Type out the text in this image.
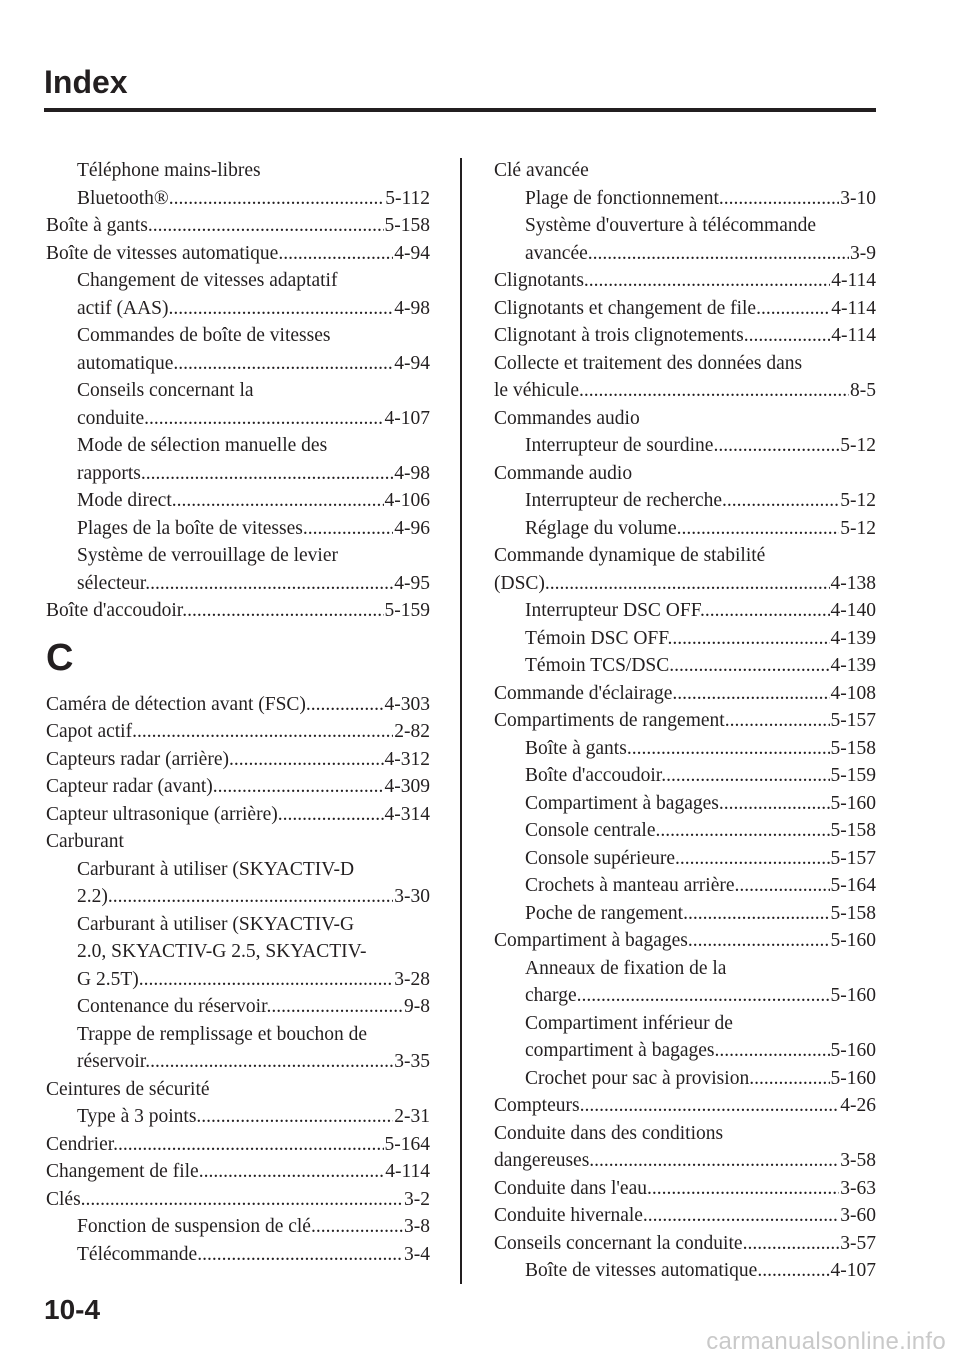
Index
Téléphone mains-libres
Bluetooth® .....	5-112
Boîte à gants .....	5-158
Boîte de vitesses automatique .....	4-94
Changement de vitesses adaptatif
actif (AAS) .....	4-98
Commandes de boîte de vitesses
automatique .....	4-94
Conseils concernant la
conduite .....	4-107
Mode de sélection manuelle des
rapports .....	4-98
Mode direct .....	4-106
Plages de la boîte de vitesses .....	4-96
Système de verrouillage de levier
sélecteur .....	4-95
Boîte d'accoudoir .....	5-159
C
Caméra de détection avant (FSC) .....	4-303
Capot actif .....	2-82
Capteurs radar (arrière) .....	4-312
Capteur radar (avant) .....	4-309
Capteur ultrasonique (arrière) .....	4-314
Carburant
Carburant à utiliser (SKYACTIV-D
2.2) .....	3-30
Carburant à utiliser (SKYACTIV-G
2.0, SKYACTIV-G 2.5, SKYACTIV-
G 2.5T) .....	3-28
Contenance du réservoir .....	9-8
Trappe de remplissage et bouchon de
réservoir .....	3-35
Ceintures de sécurité
Type à 3 points .....	2-31
Cendrier .....	5-164
Changement de file .....	4-114
Clés .....	3-2
Fonction de suspension de clé .....	3-8
Télécommande .....	3-4
Clé avancée
Plage de fonctionnement .....	3-10
Système d'ouverture à télécommande
avancée .....	3-9
Clignotants .....	4-114
Clignotants et changement de file .....	4-114
Clignotant à trois clignotements .....	4-114
Collecte et traitement des données dans
le véhicule .....	8-5
Commandes audio
Interrupteur de sourdine .....	5-12
Commande audio
Interrupteur de recherche .....	5-12
Réglage du volume .....	5-12
Commande dynamique de stabilité
(DSC) .....	4-138
Interrupteur DSC OFF .....	4-140
Témoin DSC OFF .....	4-139
Témoin TCS/DSC .....	4-139
Commande d'éclairage .....	4-108
Compartiments de rangement .....	5-157
Boîte à gants .....	5-158
Boîte d'accoudoir .....	5-159
Compartiment à bagages .....	5-160
Console centrale .....	5-158
Console supérieure .....	5-157
Crochets à manteau arrière .....	5-164
Poche de rangement .....	5-158
Compartiment à bagages .....	5-160
Anneaux de fixation de la
charge .....	5-160
Compartiment inférieur de
compartiment à bagages .....	5-160
Crochet pour sac à provision .....	5-160
Compteurs .....	4-26
Conduite dans des conditions
dangereuses .....	3-58
Conduite dans l'eau .....	3-63
Conduite hivernale .....	3-60
Conseils concernant la conduite .....	3-57
Boîte de vitesses automatique .....	4-107
10-4
carmanualsonline.info
